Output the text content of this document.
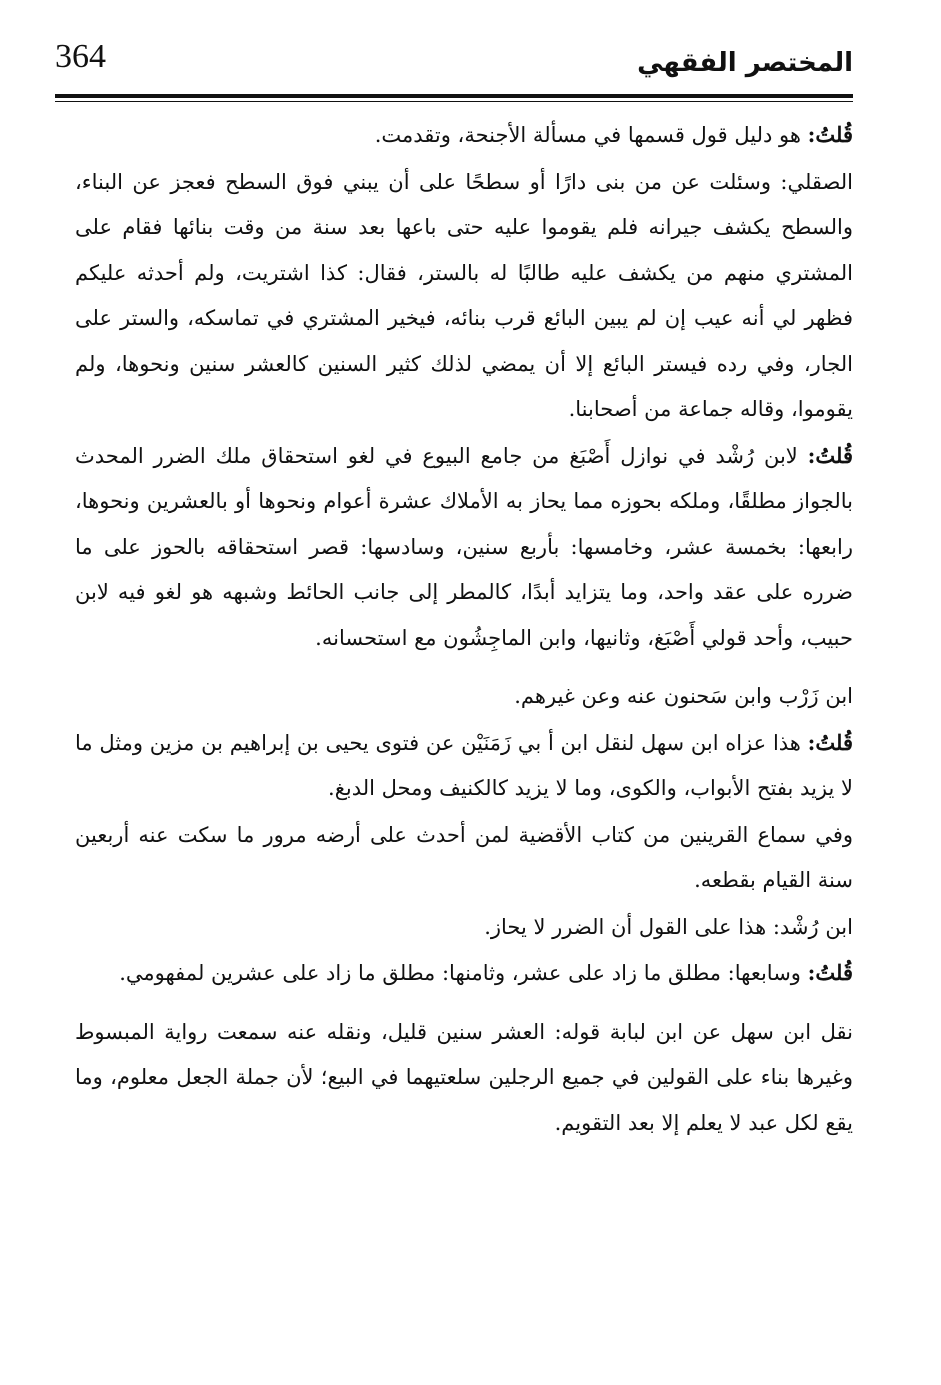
364	المختصر الفقهي

قُلتُ: هو دليل قول قسمها في مسألة الأجنحة، وتقدمت.

الصقلي: وسئلت عن من بنى دارًا أو سطحًا على أن يبني فوق السطح فعجز عن البناء، والسطح يكشف جيرانه فلم يقوموا عليه حتى باعها بعد سنة من وقت بنائها فقام على المشتري منهم من يكشف عليه طالبًا له بالستر، فقال: كذا اشتريت، ولم أحدثه عليكم فظهر لي أنه عيب إن لم يبين البائع قرب بنائه، فيخير المشتري في تماسكه، والستر على الجار، وفي رده فيستر البائع إلا أن يمضي لذلك كثير السنين كالعشر سنين ونحوها، ولم يقوموا، وقاله جماعة من أصحابنا.

قُلتُ: لابن رُشْد في نوازل أَصْبَغ من جامع البيوع في لغو استحقاق ملك الضرر المحدث بالجواز مطلقًا، وملكه بحوزه مما يحاز به الأملاك عشرة أعوام ونحوها أو بالعشرين ونحوها، رابعها: بخمسة عشر، وخامسها: بأربع سنين، وسادسها: قصر استحقاقه بالحوز على ما ضرره على عقد واحد، وما يتزايد أبدًا، كالمطر إلى جانب الحائط وشبهه هو لغو فيه لابن حبيب، وأحد قولي أَصْبَغ، وثانيها، وابن الماجِشُون مع استحسانه.

ابن زَرْب وابن سَحنون عنه وعن غيرهم.

قُلتُ: هذا عزاه ابن سهل لنقل ابن أ بي زَمَنَيْن عن فتوى يحيى بن إبراهيم بن مزين ومثل ما لا يزيد بفتح الأبواب، والكوى، وما لا يزيد كالكنيف ومحل الدبغ.

وفي سماع القرينين من كتاب الأقضية لمن أحدث على أرضه مرور ما سكت عنه أربعين سنة القيام بقطعه.

ابن رُشْد: هذا على القول أن الضرر لا يحاز.

قُلتُ: وسابعها: مطلق ما زاد على عشر، وثامنها: مطلق ما زاد على عشرين لمفهومي.

نقل ابن سهل عن ابن لبابة قوله: العشر سنين قليل، ونقله عنه سمعت رواية المبسوط وغيرها بناء على القولين في جميع الرجلين سلعتيهما في البيع؛ لأن جملة الجعل معلوم، وما يقع لكل عبد لا يعلم إلا بعد التقويم.
